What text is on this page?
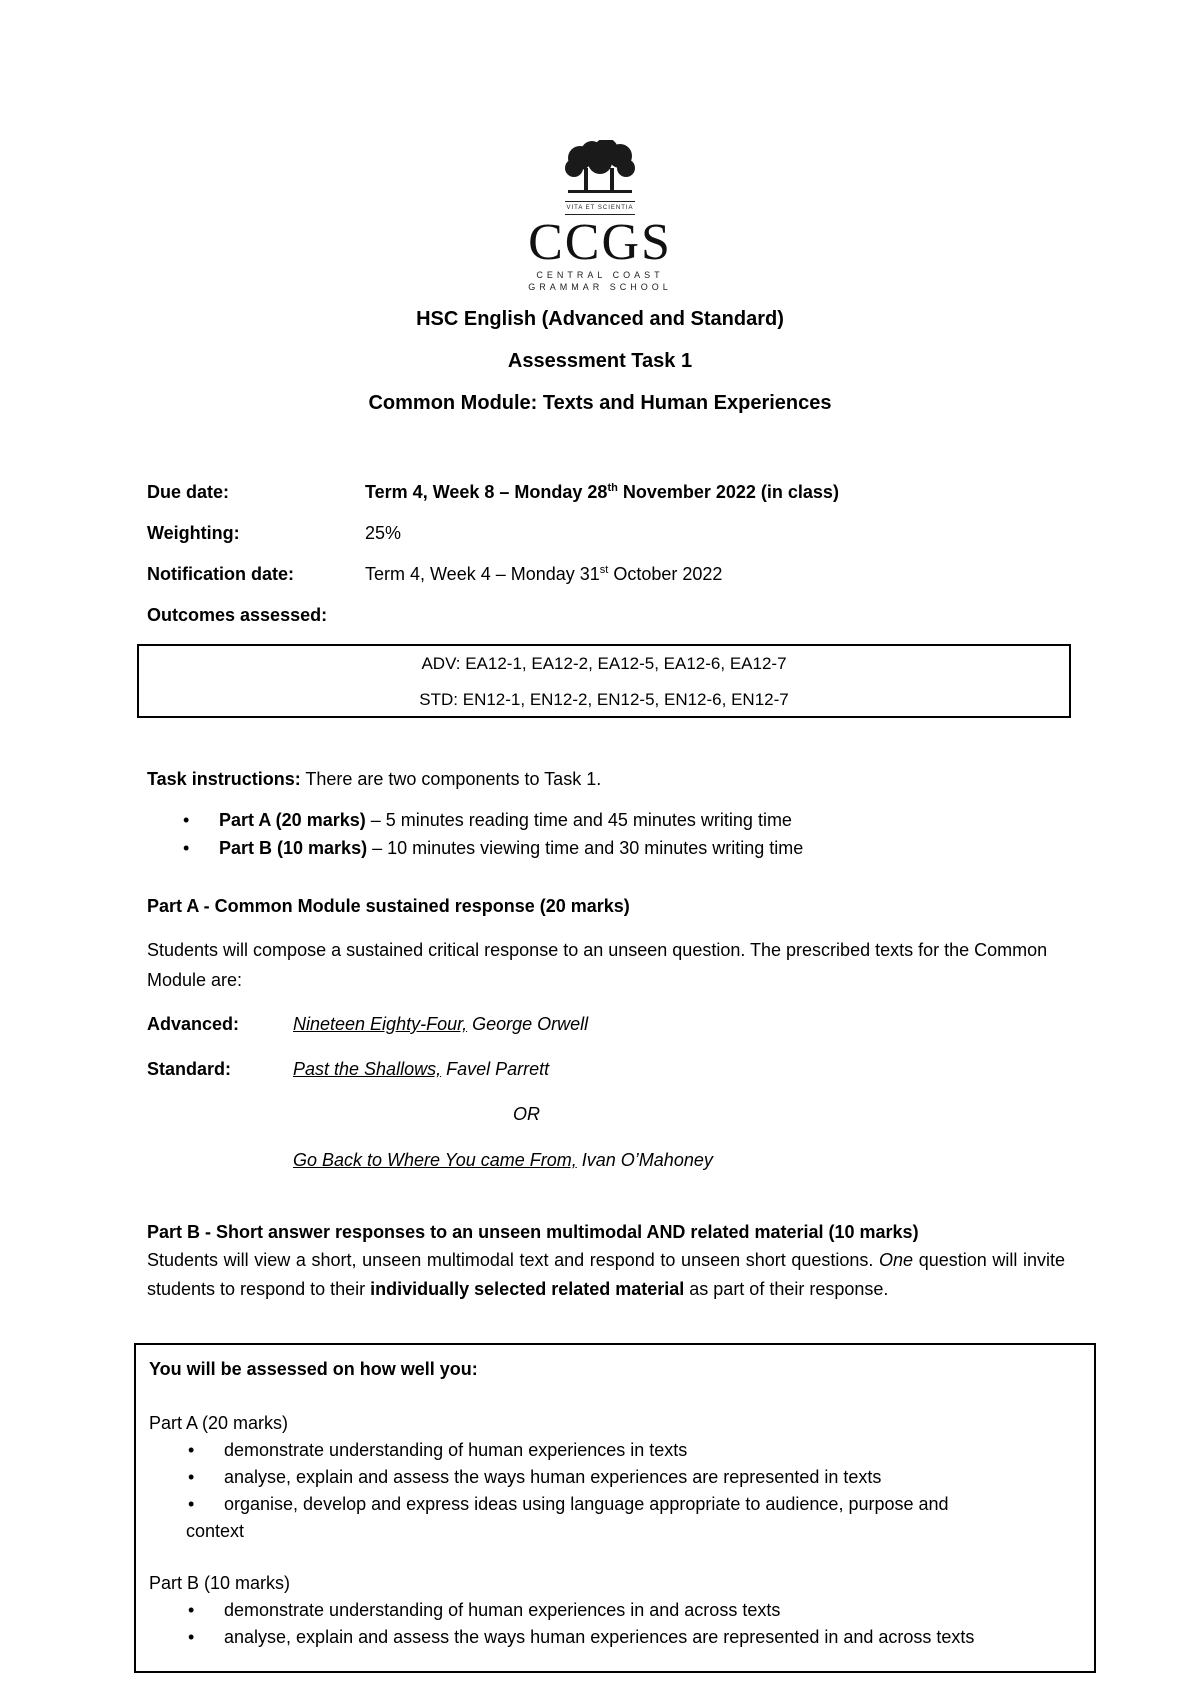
VITA ET SCIENTIA
CCGS
CENTRAL COAST
GRAMMAR SCHOOL
HSC English (Advanced and Standard)
Assessment Task 1
Common Module: Texts and Human Experiences
Due date:	Term 4, Week 8 – Monday 28th November 2022 (in class)
Weighting:	25%
Notification date:	Term 4, Week 4 – Monday 31st October 2022
Outcomes assessed:
ADV: EA12-1, EA12-2, EA12-5, EA12-6, EA12-7
STD: EN12-1, EN12-2, EN12-5, EN12-6, EN12-7
Task instructions: There are two components to Task 1.
• Part A (20 marks) – 5 minutes reading time and 45 minutes writing time
• Part B (10 marks) – 10 minutes viewing time and 30 minutes writing time
Part A - Common Module sustained response (20 marks)
Students will compose a sustained critical response to an unseen question. The prescribed texts for the Common Module are:
Advanced:	Nineteen Eighty-Four, George Orwell
Standard:	Past the Shallows, Favel Parrett
OR
Go Back to Where You came From, Ivan O’Mahoney
Part B - Short answer responses to an unseen multimodal AND related material (10 marks)
Students will view a short, unseen multimodal text and respond to unseen short questions. One question will invite students to respond to their individually selected related material as part of their response.
You will be assessed on how well you:
Part A (20 marks)
• demonstrate understanding of human experiences in texts
• analyse, explain and assess the ways human experiences are represented in texts
• organise, develop and express ideas using language appropriate to audience, purpose and
context
Part B (10 marks)
• demonstrate understanding of human experiences in and across texts
• analyse, explain and assess the ways human experiences are represented in and across texts
